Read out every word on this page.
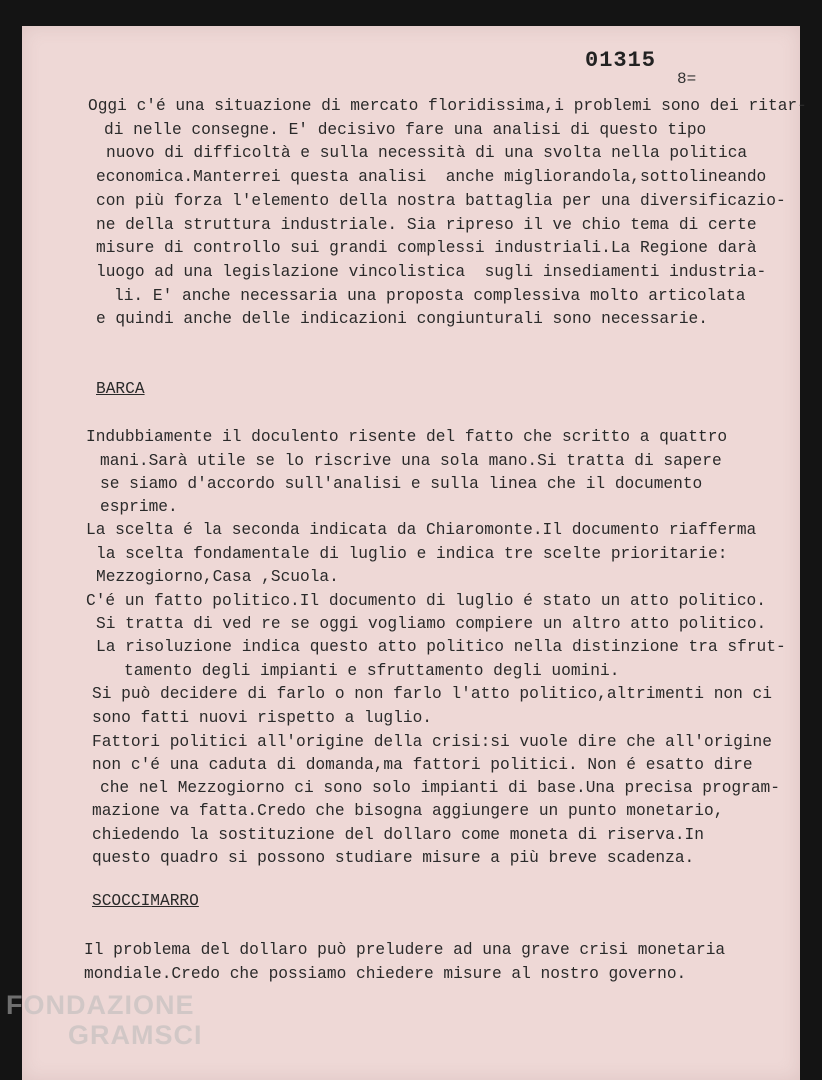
01315
8=
Oggi c'é una situazione di mercato floridissima,i problemi sono dei ritar-
di nelle consegne. E' decisivo fare una analisi di questo tipo
nuovo di difficoltà e sulla necessità di una svolta nella politica
economica.Manterrei questa analisi  anche migliorandola,sottolineando
con più forza l'elemento della nostra battaglia per una diversificazio-
ne della struttura industriale. Sia ripreso il ve chio tema di certe
misure di controllo sui grandi complessi industriali.La Regione darà
luogo ad una legislazione vincolistica  sugli insediamenti industria-
li. E' anche necessaria una proposta complessiva molto articolata
e quindi anche delle indicazioni congiunturali sono necessarie.
BARCA
Indubbiamente il doculento risente del fatto che scritto a quattro
mani.Sarà utile se lo riscrive una sola mano.Si tratta di sapere
se siamo d'accordo sull'analisi e sulla linea che il documento
esprime.
La scelta é la seconda indicata da Chiaromonte.Il documento riafferma
la scelta fondamentale di luglio e indica tre scelte prioritarie:
Mezzogiorno,Casa ,Scuola.
C'é un fatto politico.Il documento di luglio é stato un atto politico.
Si tratta di ved re se oggi vogliamo compiere un altro atto politico.
La risoluzione indica questo atto politico nella distinzione tra sfrut-
tamento degli impianti e sfruttamento degli uomini.
Si può decidere di farlo o non farlo l'atto politico,altrimenti non ci
sono fatti nuovi rispetto a luglio.
Fattori politici all'origine della crisi:si vuole dire che all'origine
non c'é una caduta di domanda,ma fattori politici. Non é esatto dire
che nel Mezzogiorno ci sono solo impianti di base.Una precisa program-
mazione va fatta.Credo che bisogna aggiungere un punto monetario,
chiedendo la sostituzione del dollaro come moneta di riserva.In
questo quadro si possono studiare misure a più breve scadenza.
SCOCCIMARRO
Il problema del dollaro può preludere ad una grave crisi monetaria
mondiale.Credo che possiamo chiedere misure al nostro governo.
FONDAZIONE
GRAMSCI
